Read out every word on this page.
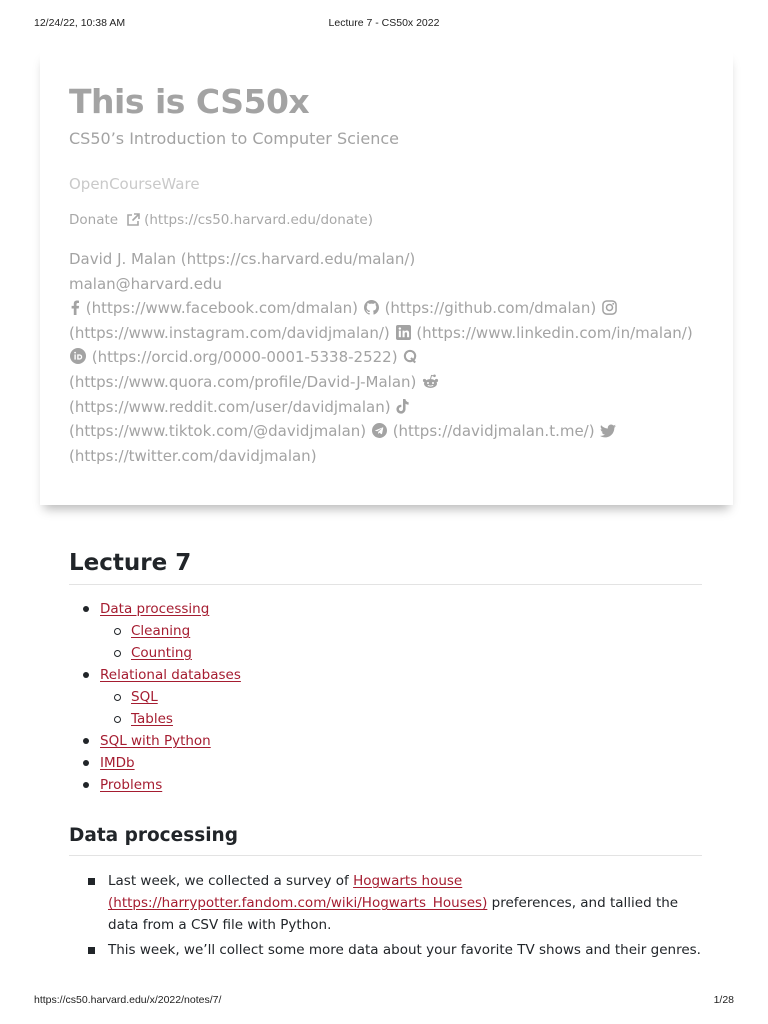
12/24/22, 10:38 AM	Lecture 7 - CS50x 2022
This is CS50x
CS50’s Introduction to Computer Science
OpenCourseWare
Donate (https://cs50.harvard.edu/donate)
David J. Malan (https://cs.harvard.edu/malan/)
malan@harvard.edu
(https://www.facebook.com/dmalan) (https://github.com/dmalan)

(https://www.instagram.com/davidjmalan/) (https://www.linkedin.com/in/malan/)

(https://orcid.org/0000-0001-5338-2522)

(https://www.quora.com/profile/David-J-Malan)

(https://www.reddit.com/user/davidjmalan)

(https://www.tiktok.com/@davidjmalan) (https://davidjmalan.t.me/)

(https://twitter.com/davidjmalan)
Lecture 7
Data processing
Cleaning
Counting
Relational databases
SQL
Tables
SQL with Python
IMDb
Problems
Data processing
Last week, we collected a survey of Hogwarts house
(https://harrypotter.fandom.com/wiki/Hogwarts_Houses) preferences, and tallied the data from a CSV file with Python.
This week, we’ll collect some more data about your favorite TV shows and their genres.
https://cs50.harvard.edu/x/2022/notes/7/	1/28
